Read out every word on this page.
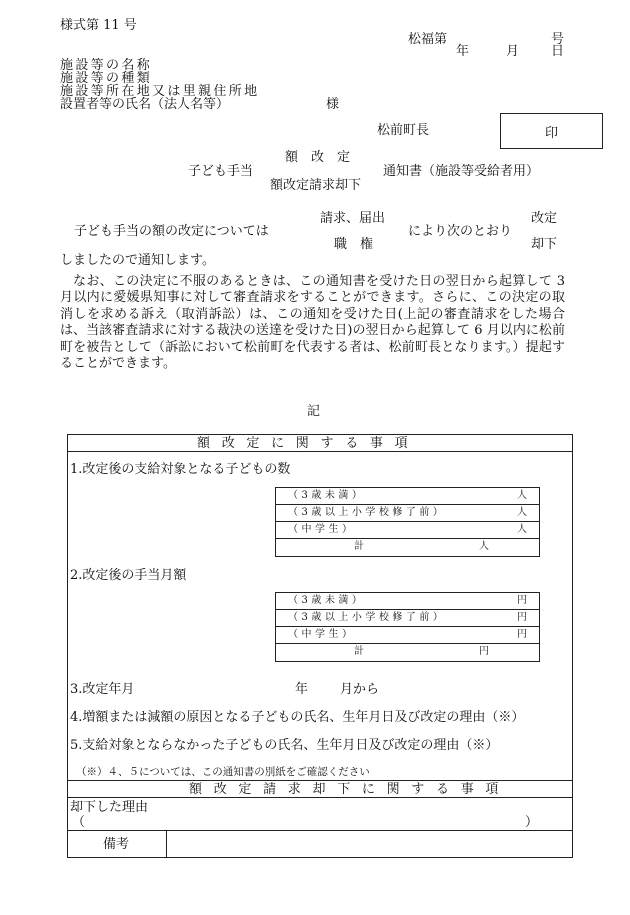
様式第 11 号
松福第	号
年	月 日
施設等の名称
施設等の種類
施設等所在地又は里親住所地
設置者等の氏名（法人名等）	様
松前町長	印
額　改　定
子ども手当	通知書（施設等受給者用）
額改定請求却下
請求、届出	改定
子ども手当の額の改定については	により次のとおり
職　権	却下
しましたので通知します。

なお、この決定に不服のあるときは、この通知書を受けた日の翌日から起算して 3 月以内に愛媛県知事に対して審査請求をすることができます。さらに、この決定の取消しを求める訴え（取消訴訟）は、この通知を受けた日(上記の審査請求をした場合は、当該審査請求に対する裁決の送達を受けた日)の翌日から起算して 6 月以内に松前町を被告として（訴訟において松前町を代表する者は、松前町長となります。）提起することができます。

記
額改定に関する事項
1.改定後の支給対象となる子どもの数
（3歳未満）	人
（3歳以上小学校修了前）	人
（中学生）	人
計	人
2.改定後の手当月額
（3歳未満）	円
（3歳以上小学校修了前）	円
（中学生）	円
計	円
3.改定年月	年 月から
4.増額または減額の原因となる子どもの氏名、生年月日及び改定の理由（※）
5.支給対象とならなかった子どもの氏名、生年月日及び改定の理由（※）
（※）４、５については、この通知書の別紙をご確認ください
額改定請求却下に関する事項
却下した理由
（	）
備考
